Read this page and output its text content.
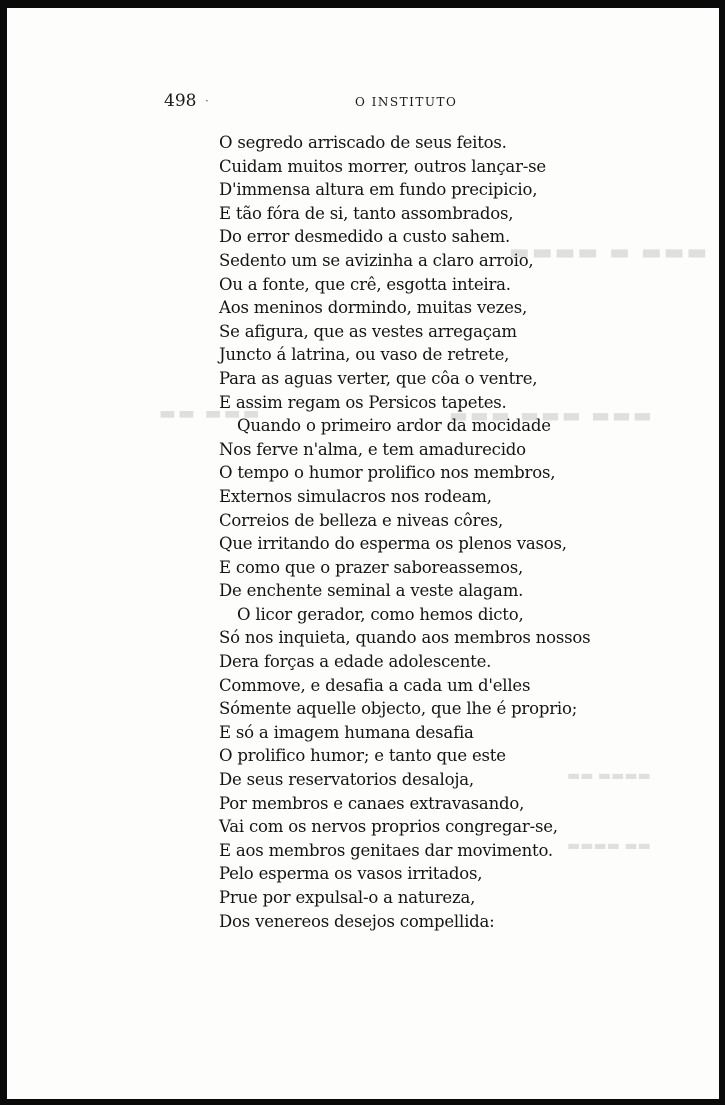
▬▬▬ ▬ ▬▬▬▬
▬▬▬ ▬▬▬ ▬▬▬
▬▬▬ ▬▬
▬▬▬▬ ▬▬
▬▬ ▬▬▬▬
498 ·	O INSTITUTO
O segredo arriscado de seus feitos.
Cuidam muitos morrer, outros lançar-se
D'immensa altura em fundo precipicio,
E tão fóra de si, tanto assombrados,
Do error desmedido a custo sahem.
Sedento um se avizinha a claro arroio,
Ou a fonte, que crê, esgotta inteira.
Aos meninos dormindo, muitas vezes,
Se afigura, que as vestes arregaçam
Juncto á latrina, ou vaso de retrete,
Para as aguas verter, que côa o ventre,
E assim regam os Persicos tapetes.
Quando o primeiro ardor da mocidade
Nos ferve n'alma, e tem amadurecido
O tempo o humor prolifico nos membros,
Externos simulacros nos rodeam,
Correios de belleza e niveas côres,
Que irritando do esperma os plenos vasos,
E como que o prazer saboreassemos,
De enchente seminal a veste alagam.
O licor gerador, como hemos dicto,
Só nos inquieta, quando aos membros nossos
Dera forças a edade adolescente.
Commove, e desafia a cada um d'elles
Sómente aquelle objecto, que lhe é proprio;
E só a imagem humana desafia
O prolifico humor; e tanto que este
De seus reservatorios desaloja,
Por membros e canaes extravasando,
Vai com os nervos proprios congregar-se,
E aos membros genitaes dar movimento.
Pelo esperma os vasos irritados,
Prue por expulsal-o a natureza,
Dos venereos desejos compellida:
